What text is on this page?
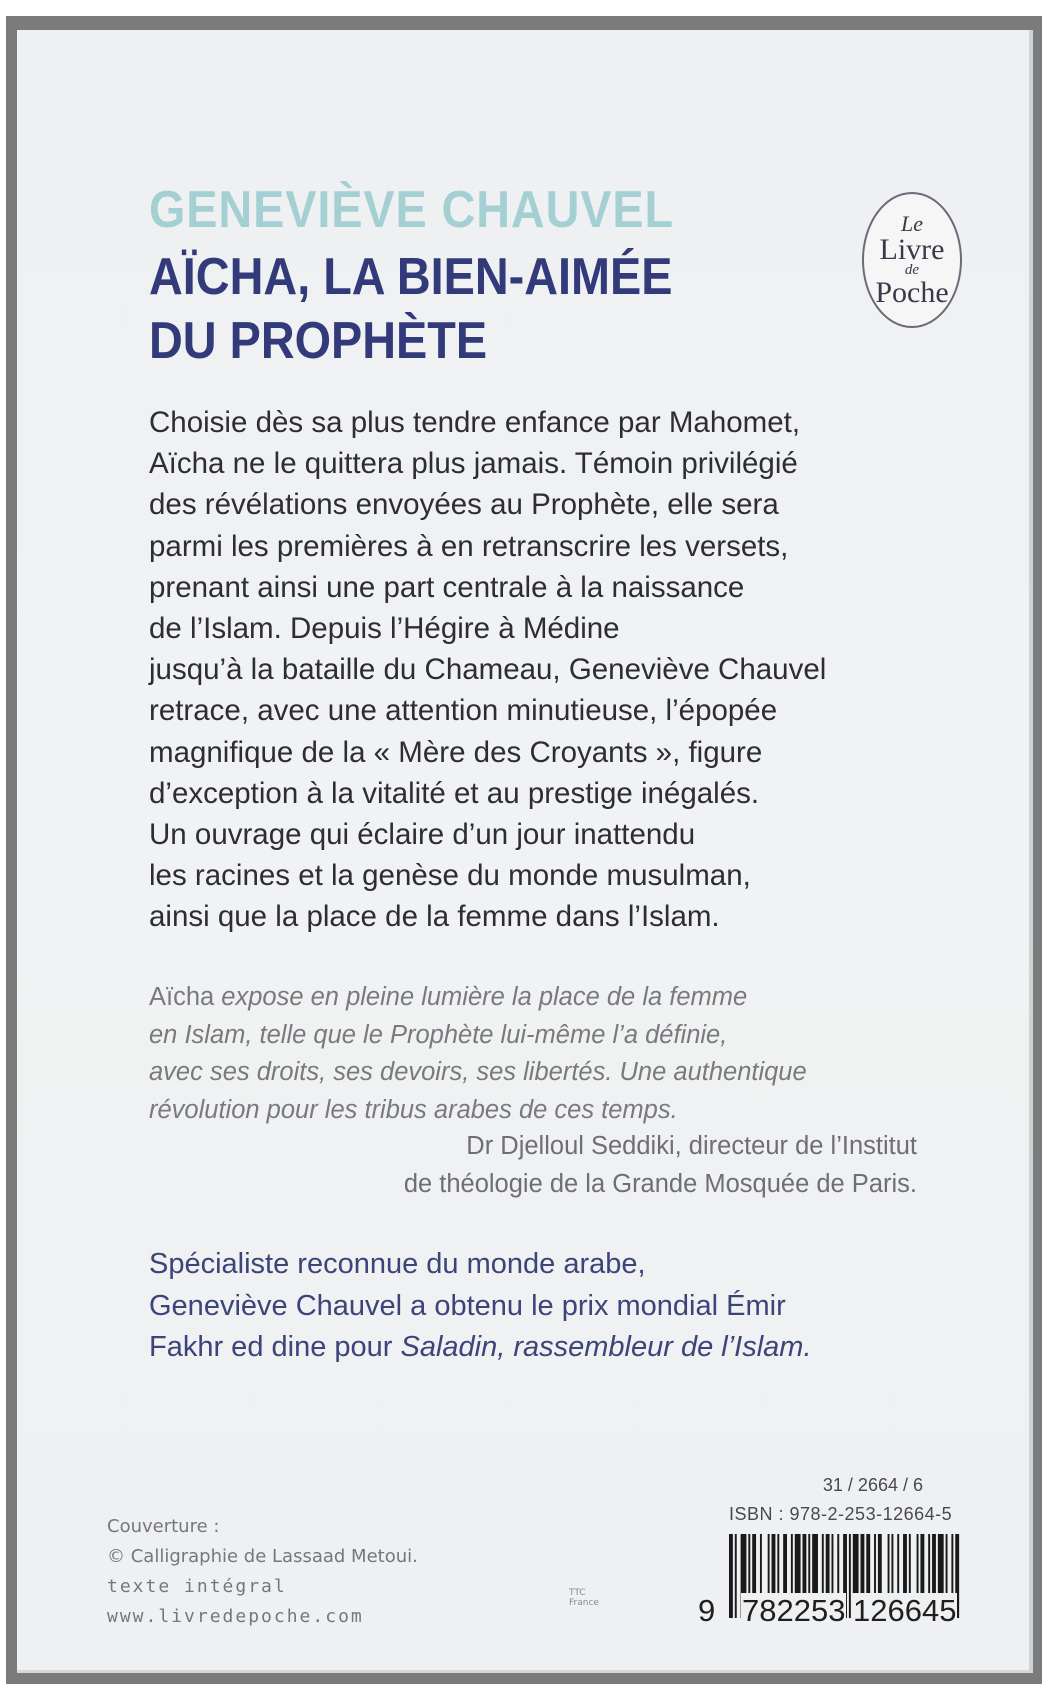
GENEVIÈVE CHAUVEL
AÏCHA, LA BIEN-AIMÉE
DU PROPHÈTE
Le
Livre
de
Poche
Choisie dès sa plus tendre enfance par Mahomet,
Aïcha ne le quittera plus jamais. Témoin privilégié
des révélations envoyées au Prophète, elle sera
parmi les premières à en retranscrire les versets,
prenant ainsi une part centrale à la naissance
de l’Islam. Depuis l’Hégire à Médine
jusqu’à la bataille du Chameau, Geneviève Chauvel
retrace, avec une attention minutieuse, l’épopée
magnifique de la « Mère des Croyants », figure
d’exception à la vitalité et au prestige inégalés.
Un ouvrage qui éclaire d’un jour inattendu
les racines et la genèse du monde musulman,
ainsi que la place de la femme dans l’Islam.
Aïcha expose en pleine lumière la place de la femme
en Islam, telle que le Prophète lui-même l’a définie,
avec ses droits, ses devoirs, ses libertés. Une authentique
révolution pour les tribus arabes de ces temps.
Dr Djelloul Seddiki, directeur de l’Institut
de théologie de la Grande Mosquée de Paris.
Spécialiste reconnue du monde arabe,
Geneviève Chauvel a obtenu le prix mondial Émir
Fakhr ed dine pour Saladin, rassembleur de l’Islam.
Couverture :
© Calligraphie de Lassaad Metoui.
texte intégral
www.livredepoche.com
TTC
France
31 / 2664 / 6
ISBN : 978-2-253-12664-5
9 782253 126645
